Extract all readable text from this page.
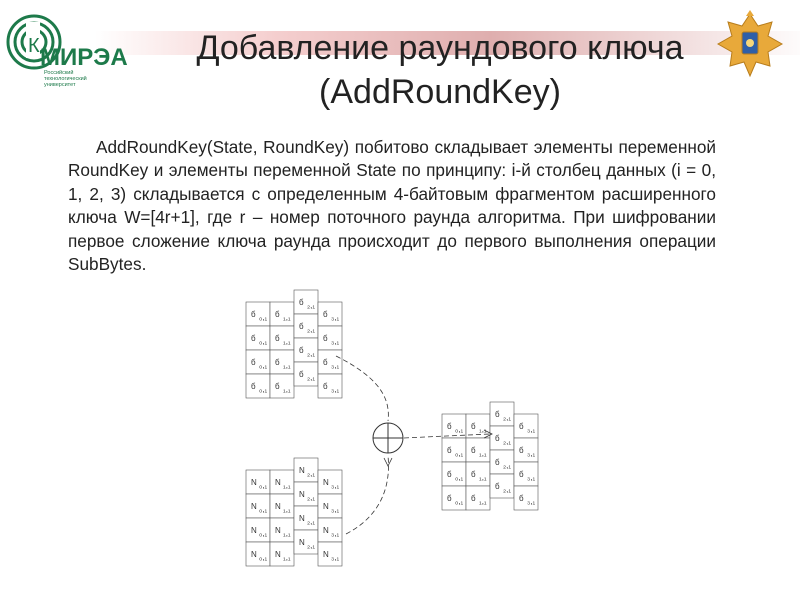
К МИРЭА
Российский
технологический
университет
Добавление раундового ключа (AddRoundKey)
AddRoundKey(State, RoundKey) побитово складывает элементы переменной RoundKey и элементы переменной State по принципу: i-й столбец данных (i = 0, 1, 2, 3) складывается с определенным 4-байтовым фрагментом расширенного ключа W=[4r+1], где r – номер поточного раунда алгоритма. При шифровании первое сложение ключа раунда происходит до первого выполнения операции SubBytes.
б ₀,₁
б ₀,₁
б ₀,₁
б ₀,₁
б ₁,₁
б ₁,₁
б ₁,₁
б ₁,₁
б ₂,₁
б ₂,₁
б ₂,₁
б ₂,₁
б ₃,₁
б ₃,₁
б ₃,₁
б ₃,₁
N ₀,₁
N ₀,₁
N ₀,₁
N ₀,₁
N ₁,₁
N ₁,₁
N ₁,₁
N ₁,₁
N ₂,₁
N ₂,₁
N ₂,₁
N ₂,₁
N ₃,₁
N ₃,₁
N ₃,₁
N ₃,₁
б ₀,₁
б ₀,₁
б ₀,₁
б ₀,₁
б ₁,₁
б ₁,₁
б ₁,₁
б ₁,₁
б ₂,₁
б ₂,₁
б ₂,₁
б ₂,₁
б ₃,₁
б ₃,₁
б ₃,₁
б ₃,₁
